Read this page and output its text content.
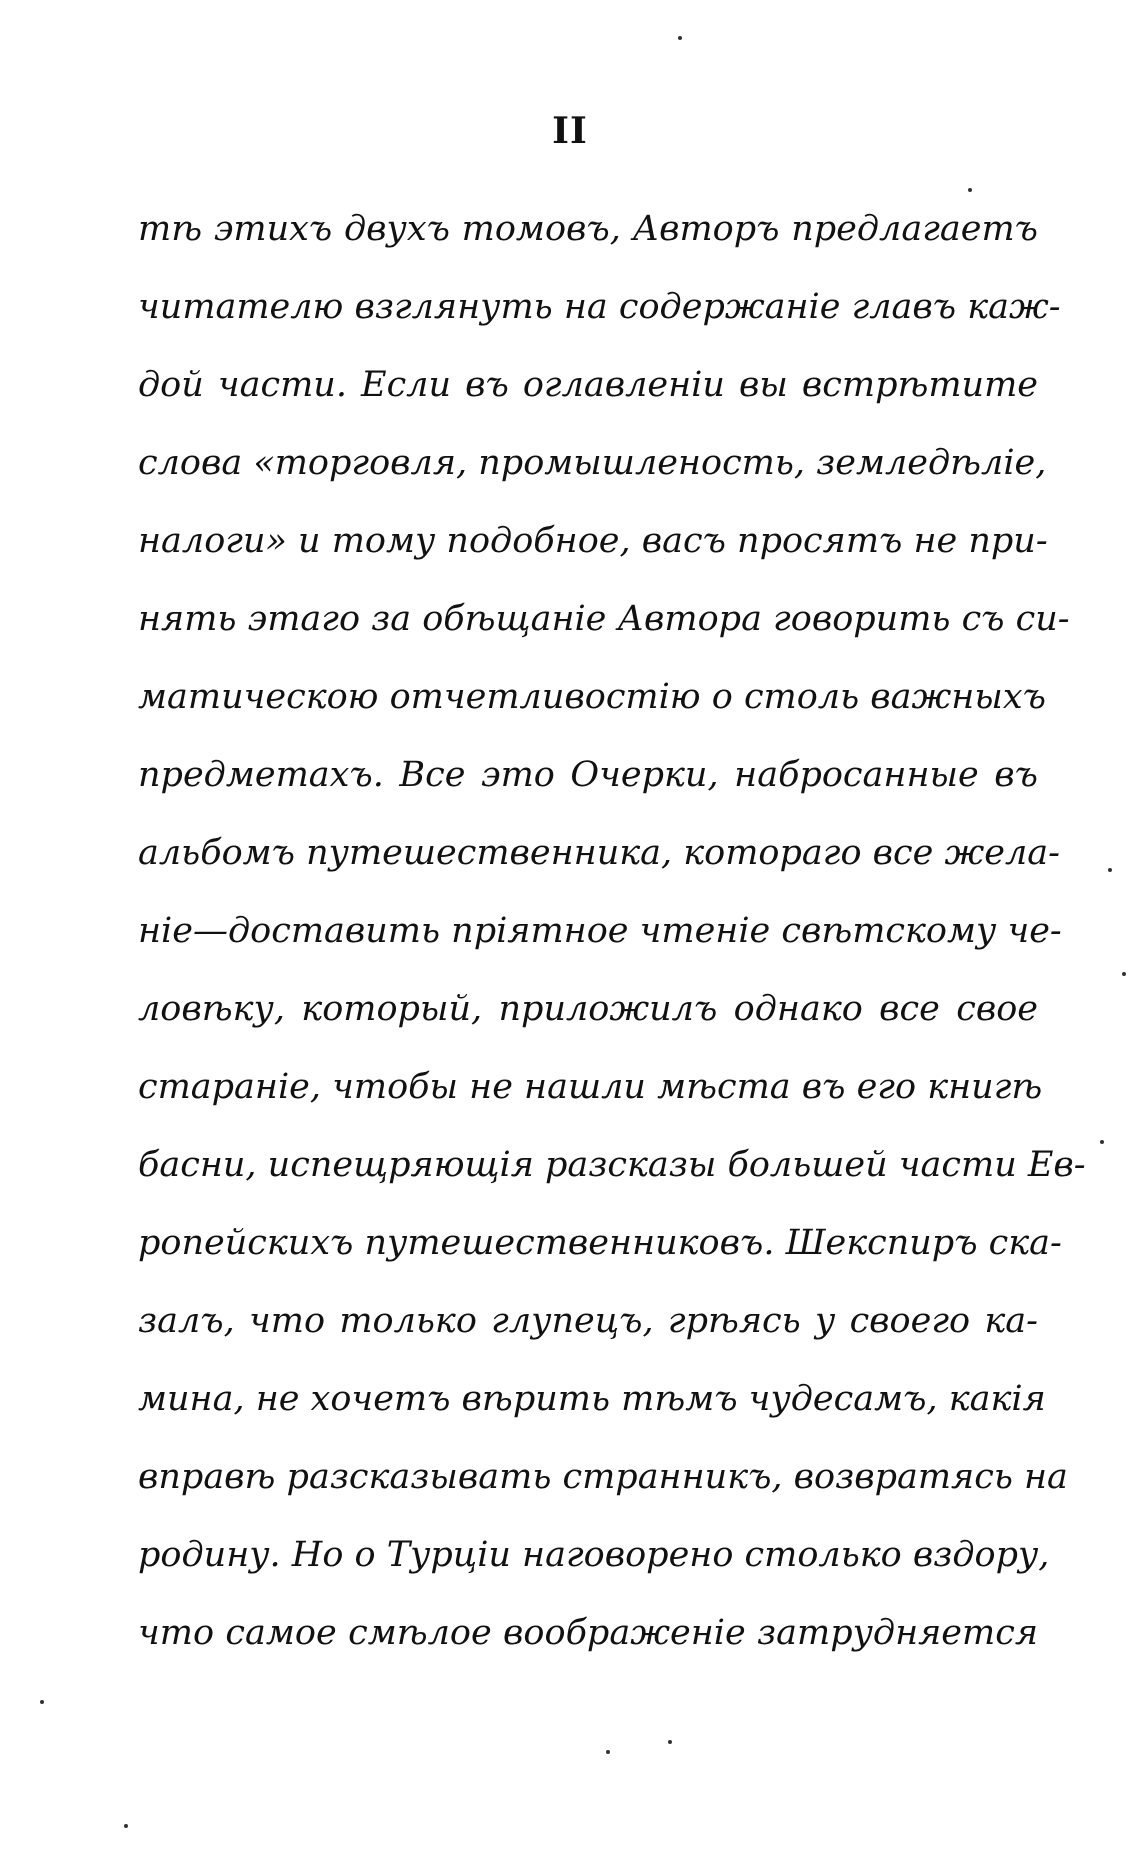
II
тѣ этихъ двухъ томовъ, Авторъ предлагаетъ
читателю взглянуть на содержаніе главъ каж-
дой части. Если въ оглавленіи вы встрѣтите
слова «торговля, промышленость, земледѣліе,
налоги» и тому подобное, васъ просятъ не при-
нять этаго за обѣщаніе Автора говорить съ си-
матическою отчетливостію о столь важныхъ
предметахъ. Все это Очерки, набросанные въ
альбомъ путешественника, котораго все жела-
ніе—доставить пріятное чтеніе свѣтскому че-
ловѣку, который, приложилъ однако все свое
стараніе, чтобы не нашли мѣста въ его книгѣ
басни, испещряющія разсказы большей части Ев-
ропейскихъ путешественниковъ. Шекспиръ ска-
залъ, что только глупецъ, грѣясь у своего ка-
мина, не хочетъ вѣрить тѣмъ чудесамъ, какія
вправѣ разсказывать странникъ, возвратясь на
родину. Но о Турціи наговорено столько вздору,
что самое смѣлое воображеніе затрудняется
